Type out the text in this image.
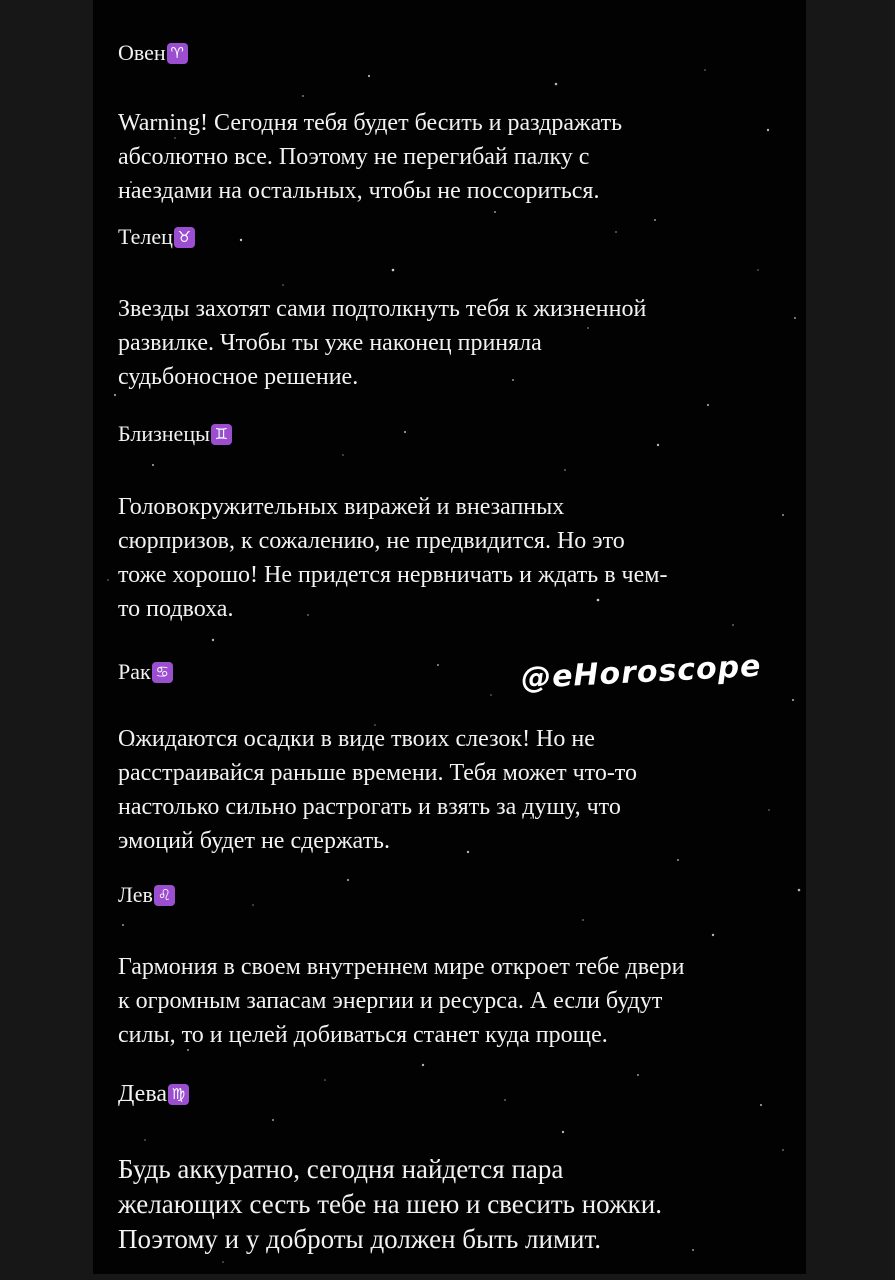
Овен ♈

Warning! Сегодня тебя будет бесить и раздражать
абсолютно все. Поэтому не перегибай палку с
наездами на остальных, чтобы не поссориться.

Телец ♉

Звезды захотят сами подтолкнуть тебя к жизненной
развилке. Чтобы ты уже наконец приняла
судьбоносное решение.

Близнецы ♊

Головокружительных виражей и внезапных
сюрпризов, к сожалению, не предвидится. Но это
тоже хорошо! Не придется нервничать и ждать в чем-
то подвоха.

Рак ♋

Ожидаются осадки в виде твоих слезок! Но не
расстраивайся раньше времени. Тебя может что-то
настолько сильно растрогать и взять за душу, что
эмоций будет не сдержать.

@eHoroscope
Лев ♌

Гармония в своем внутреннем мире откроет тебе двери
к огромным запасам энергии и ресурса. А если будут
силы, то и целей добиваться станет куда проще.

Дева ♍

Будь аккуратно, сегодня найдется пара
желающих сесть тебе на шею и свесить ножки.
Поэтому и у доброты должен быть лимит.
